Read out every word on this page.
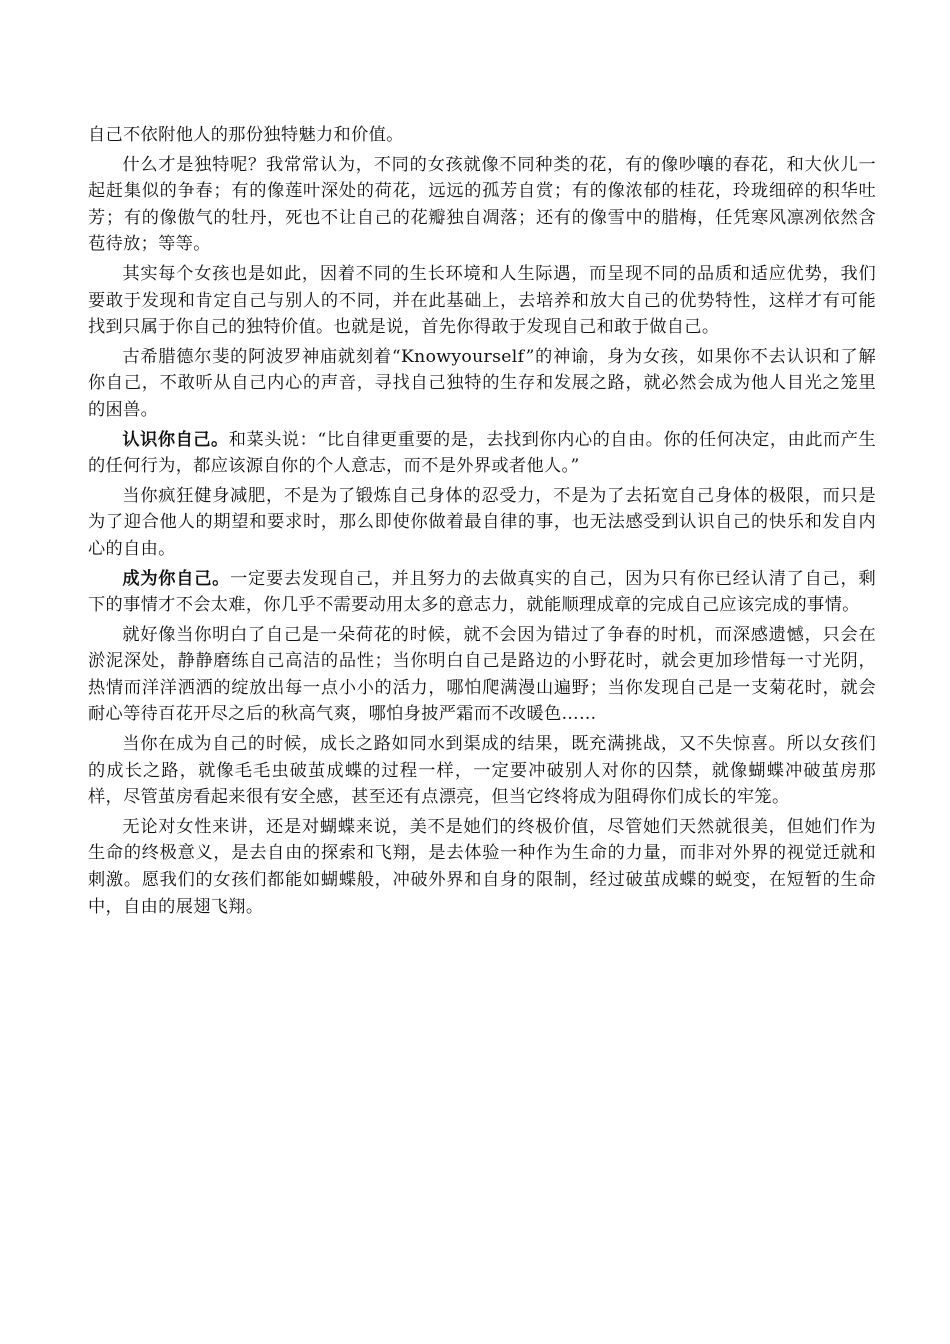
自己不依附他人的那份独特魅力和价值。

什么才是独特呢？我常常认为，不同的女孩就像不同种类的花，有的像吵嚷的春花，和大伙儿一起赶集似的争春；有的像莲叶深处的荷花，远远的孤芳自赏；有的像浓郁的桂花，玲珑细碎的积华吐芳；有的像傲气的牡丹，死也不让自己的花瓣独自凋落；还有的像雪中的腊梅，任凭寒风凛冽依然含苞待放；等等。

其实每个女孩也是如此，因着不同的生长环境和人生际遇，而呈现不同的品质和适应优势，我们要敢于发现和肯定自己与别人的不同，并在此基础上，去培养和放大自己的优势特性，这样才有可能找到只属于你自己的独特价值。也就是说，首先你得敢于发现自己和敢于做自己。

古希腊德尔斐的阿波罗神庙就刻着“Knowyourself”的神谕，身为女孩，如果你不去认识和了解你自己，不敢听从自己内心的声音，寻找自己独特的生存和发展之路，就必然会成为他人目光之笼里的困兽。

认识你自己。和菜头说：“比自律更重要的是，去找到你内心的自由。你的任何决定，由此而产生的任何行为，都应该源自你的个人意志，而不是外界或者他人。”

当你疯狂健身减肥，不是为了锻炼自己身体的忍受力，不是为了去拓宽自己身体的极限，而只是为了迎合他人的期望和要求时，那么即使你做着最自律的事，也无法感受到认识自己的快乐和发自内心的自由。

成为你自己。一定要去发现自己，并且努力的去做真实的自己，因为只有你已经认清了自己，剩下的事情才不会太难，你几乎不需要动用太多的意志力，就能顺理成章的完成自己应该完成的事情。

就好像当你明白了自己是一朵荷花的时候，就不会因为错过了争春的时机，而深感遗憾，只会在淤泥深处，静静磨练自己高洁的品性；当你明白自己是路边的小野花时，就会更加珍惜每一寸光阴，热情而洋洋洒洒的绽放出每一点小小的活力，哪怕爬满漫山遍野；当你发现自己是一支菊花时，就会耐心等待百花开尽之后的秋高气爽，哪怕身披严霜而不改暖色……

当你在成为自己的时候，成长之路如同水到渠成的结果，既充满挑战，又不失惊喜。所以女孩们的成长之路，就像毛毛虫破茧成蝶的过程一样，一定要冲破别人对你的囚禁，就像蝴蝶冲破茧房那样，尽管茧房看起来很有安全感，甚至还有点漂亮，但当它终将成为阻碍你们成长的牢笼。

无论对女性来讲，还是对蝴蝶来说，美不是她们的终极价值，尽管她们天然就很美，但她们作为生命的终极意义，是去自由的探索和飞翔，是去体验一种作为生命的力量，而非对外界的视觉迁就和刺激。愿我们的女孩们都能如蝴蝶般，冲破外界和自身的限制，经过破茧成蝶的蜕变，在短暂的生命中，自由的展翅飞翔。
